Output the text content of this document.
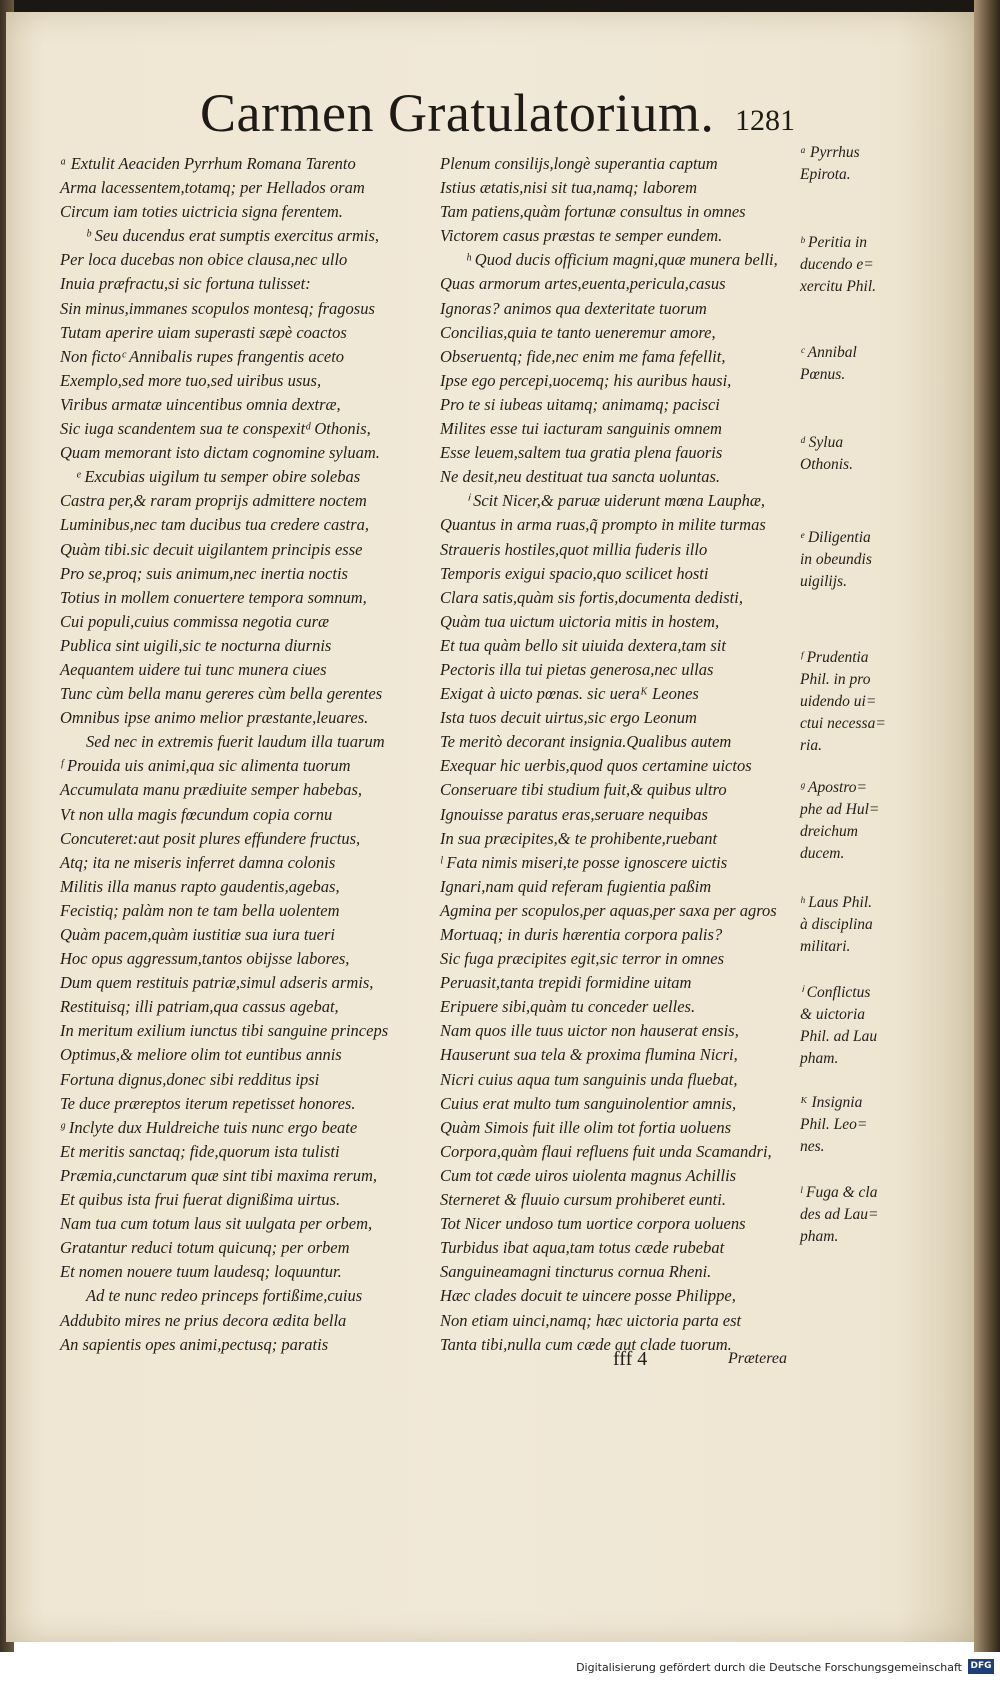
Carmen Gratulatorium. 1281
ᵃ Extulit Aeaciden Pyrrhum Romana Tarento
Arma lacessentem,totamq; per Hellados oram
Circum iam toties uictricia signa ferentem.
ᵇ Seu ducendus erat sumptis exercitus armis,
Per loca ducebas non obice clausa,nec ullo
Inuia præfractu,si sic fortuna tulisset:
Sin minus,immanes scopulos montesq; fragosus
Tutam aperire uiam superasti sæpè coactos
Non fictoᶜ Annibalis rupes frangentis aceto
Exemplo,sed more tuo,sed uiribus usus,
Viribus armatæ uincentibus omnia dextræ,
Sic iuga scandentem sua te conspexitᵈ Othonis,
Quam memorant isto dictam cognomine syluam.
ᵉ Excubias uigilum tu semper obire solebas
Castra per,& raram proprijs admittere noctem
Luminibus,nec tam ducibus tua credere castra,
Quàm tibi.sic decuit uigilantem principis esse
Pro se,proq; suis animum,nec inertia noctis
Totius in mollem conuertere tempora somnum,
Cui populi,cuius commissa negotia curæ
Publica sint uigili,sic te nocturna diurnis
Aequantem uidere tui tunc munera ciues
Tunc cùm bella manu gereres cùm bella gerentes
Omnibus ipse animo melior præstante,leuares.
Sed nec in extremis fuerit laudum illa tuarum
ᶠ Prouida uis animi,qua sic alimenta tuorum
Accumulata manu prædiuite semper habebas,
Vt non ulla magis fœcundum copia cornu
Concuteret:aut posit plures effundere fructus,
Atq; ita ne miseris inferret damna colonis
Militis illa manus rapto gaudentis,agebas,
Fecistiq; palàm non te tam bella uolentem
Quàm pacem,quàm iustitiæ sua iura tueri
Hoc opus aggressum,tantos obijsse labores,
Dum quem restituis patriæ,simul adseris armis,
Restituisq; illi patriam,qua cassus agebat,
In meritum exilium iunctus tibi sanguine princeps
Optimus,& meliore olim tot euntibus annis
Fortuna dignus,donec sibi redditus ipsi
Te duce præreptos iterum repetisset honores.
ᵍ Inclyte dux Huldreiche tuis nunc ergo beate
Et meritis sanctaq; fide,quorum ista tulisti
Præmia,cunctarum quæ sint tibi maxima rerum,
Et quibus ista frui fuerat dignißima uirtus.
Nam tua cum totum laus sit uulgata per orbem,
Gratantur reduci totum quicunq; per orbem
Et nomen nouere tuum laudesq; loquuntur.
Ad te nunc redeo princeps fortißime,cuius
Addubito mires ne prius decora ædita bella
An sapientis opes animi,pectusq; paratis
Plenum consilijs,longè superantia captum
Istius ætatis,nisi sit tua,namq; laborem
Tam patiens,quàm fortunæ consultus in omnes
Victorem casus præstas te semper eundem.
ʰ Quod ducis officium magni,quæ munera belli,
Quas armorum artes,euenta,pericula,casus
Ignoras? animos qua dexteritate tuorum
Concilias,quia te tanto ueneremur amore,
Obseruentq; fide,nec enim me fama fefellit,
Ipse ego percepi,uocemq; his auribus hausi,
Pro te si iubeas uitamq; animamq; pacisci
Milites esse tui iacturam sanguinis omnem
Esse leuem,saltem tua gratia plena fauoris
Ne desit,neu destituat tua sancta uoluntas.
ⁱ Scit Nicer,& paruæ uiderunt mœna Lauphæ,
Quantus in arma ruas,q̃ prompto in milite turmas
Straueris hostiles,quot millia fuderis illo
Temporis exigui spacio,quo scilicet hosti
Clara satis,quàm sis fortis,documenta dedisti,
Quàm tua uictum uictoria mitis in hostem,
Et tua quàm bello sit uiuida dextera,tam sit
Pectoris illa tui pietas generosa,nec ullas
Exigat à uicto pœnas. sic ueraᴷ Leones
Ista tuos decuit uirtus,sic ergo Leonum
Te meritò decorant insignia.Qualibus autem
Exequar hic uerbis,quod quos certamine uictos
Conseruare tibi studium fuit,& quibus ultro
Ignouisse paratus eras,seruare nequibas
In sua præcipites,& te prohibente,ruebant
ˡ Fata nimis miseri,te posse ignoscere uictis
Ignari,nam quid referam fugientia paßim
Agmina per scopulos,per aquas,per saxa per agros
Mortuaq; in duris hærentia corpora palis?
Sic fuga præcipites egit,sic terror in omnes
Peruasit,tanta trepidi formidine uitam
Eripuere sibi,quàm tu conceder uelles.
Nam quos ille tuus uictor non hauserat ensis,
Hauserunt sua tela & proxima flumina Nicri,
Nicri cuius aqua tum sanguinis unda fluebat,
Cuius erat multo tum sanguinolentior amnis,
Quàm Simois fuit ille olim tot fortia uoluens
Corpora,quàm flaui refluens fuit unda Scamandri,
Cum tot cæde uiros uiolenta magnus Achillis
Sterneret & fluuio cursum prohiberet eunti.
Tot Nicer undoso tum uortice corpora uoluens
Turbidus ibat aqua,tam totus cæde rubebat
Sanguineamagni tincturus cornua Rheni.
Hæc clades docuit te uincere posse Philippe,
Non etiam uinci,namq; hæc uictoria parta est
Tanta tibi,nulla cum cæde aut clade tuorum.
ᵃ Pyrrhus
Epirota.
ᵇ Peritia in
ducendo e=
xercitu Phil.
ᶜ Annibal
Pœnus.
ᵈ Sylua
Othonis.
ᵉ Diligentia
in obeundis
uigilijs.
ᶠ Prudentia
Phil. in pro
uidendo ui=
ctui necessa=
ria.
ᵍ Apostro=
phe ad Hul=
dreichum
ducem.
ʰ Laus Phil.
à disciplina
militari.
ⁱ Conflictus
& uictoria
Phil. ad Lau
pham.
ᴷ Insignia
Phil. Leo=
nes.
ˡ Fuga & cla
des ad Lau=
pham.
fff 4	Præterea
Digitalisierung gefördert durch die Deutsche Forschungsgemeinschaft DFG
